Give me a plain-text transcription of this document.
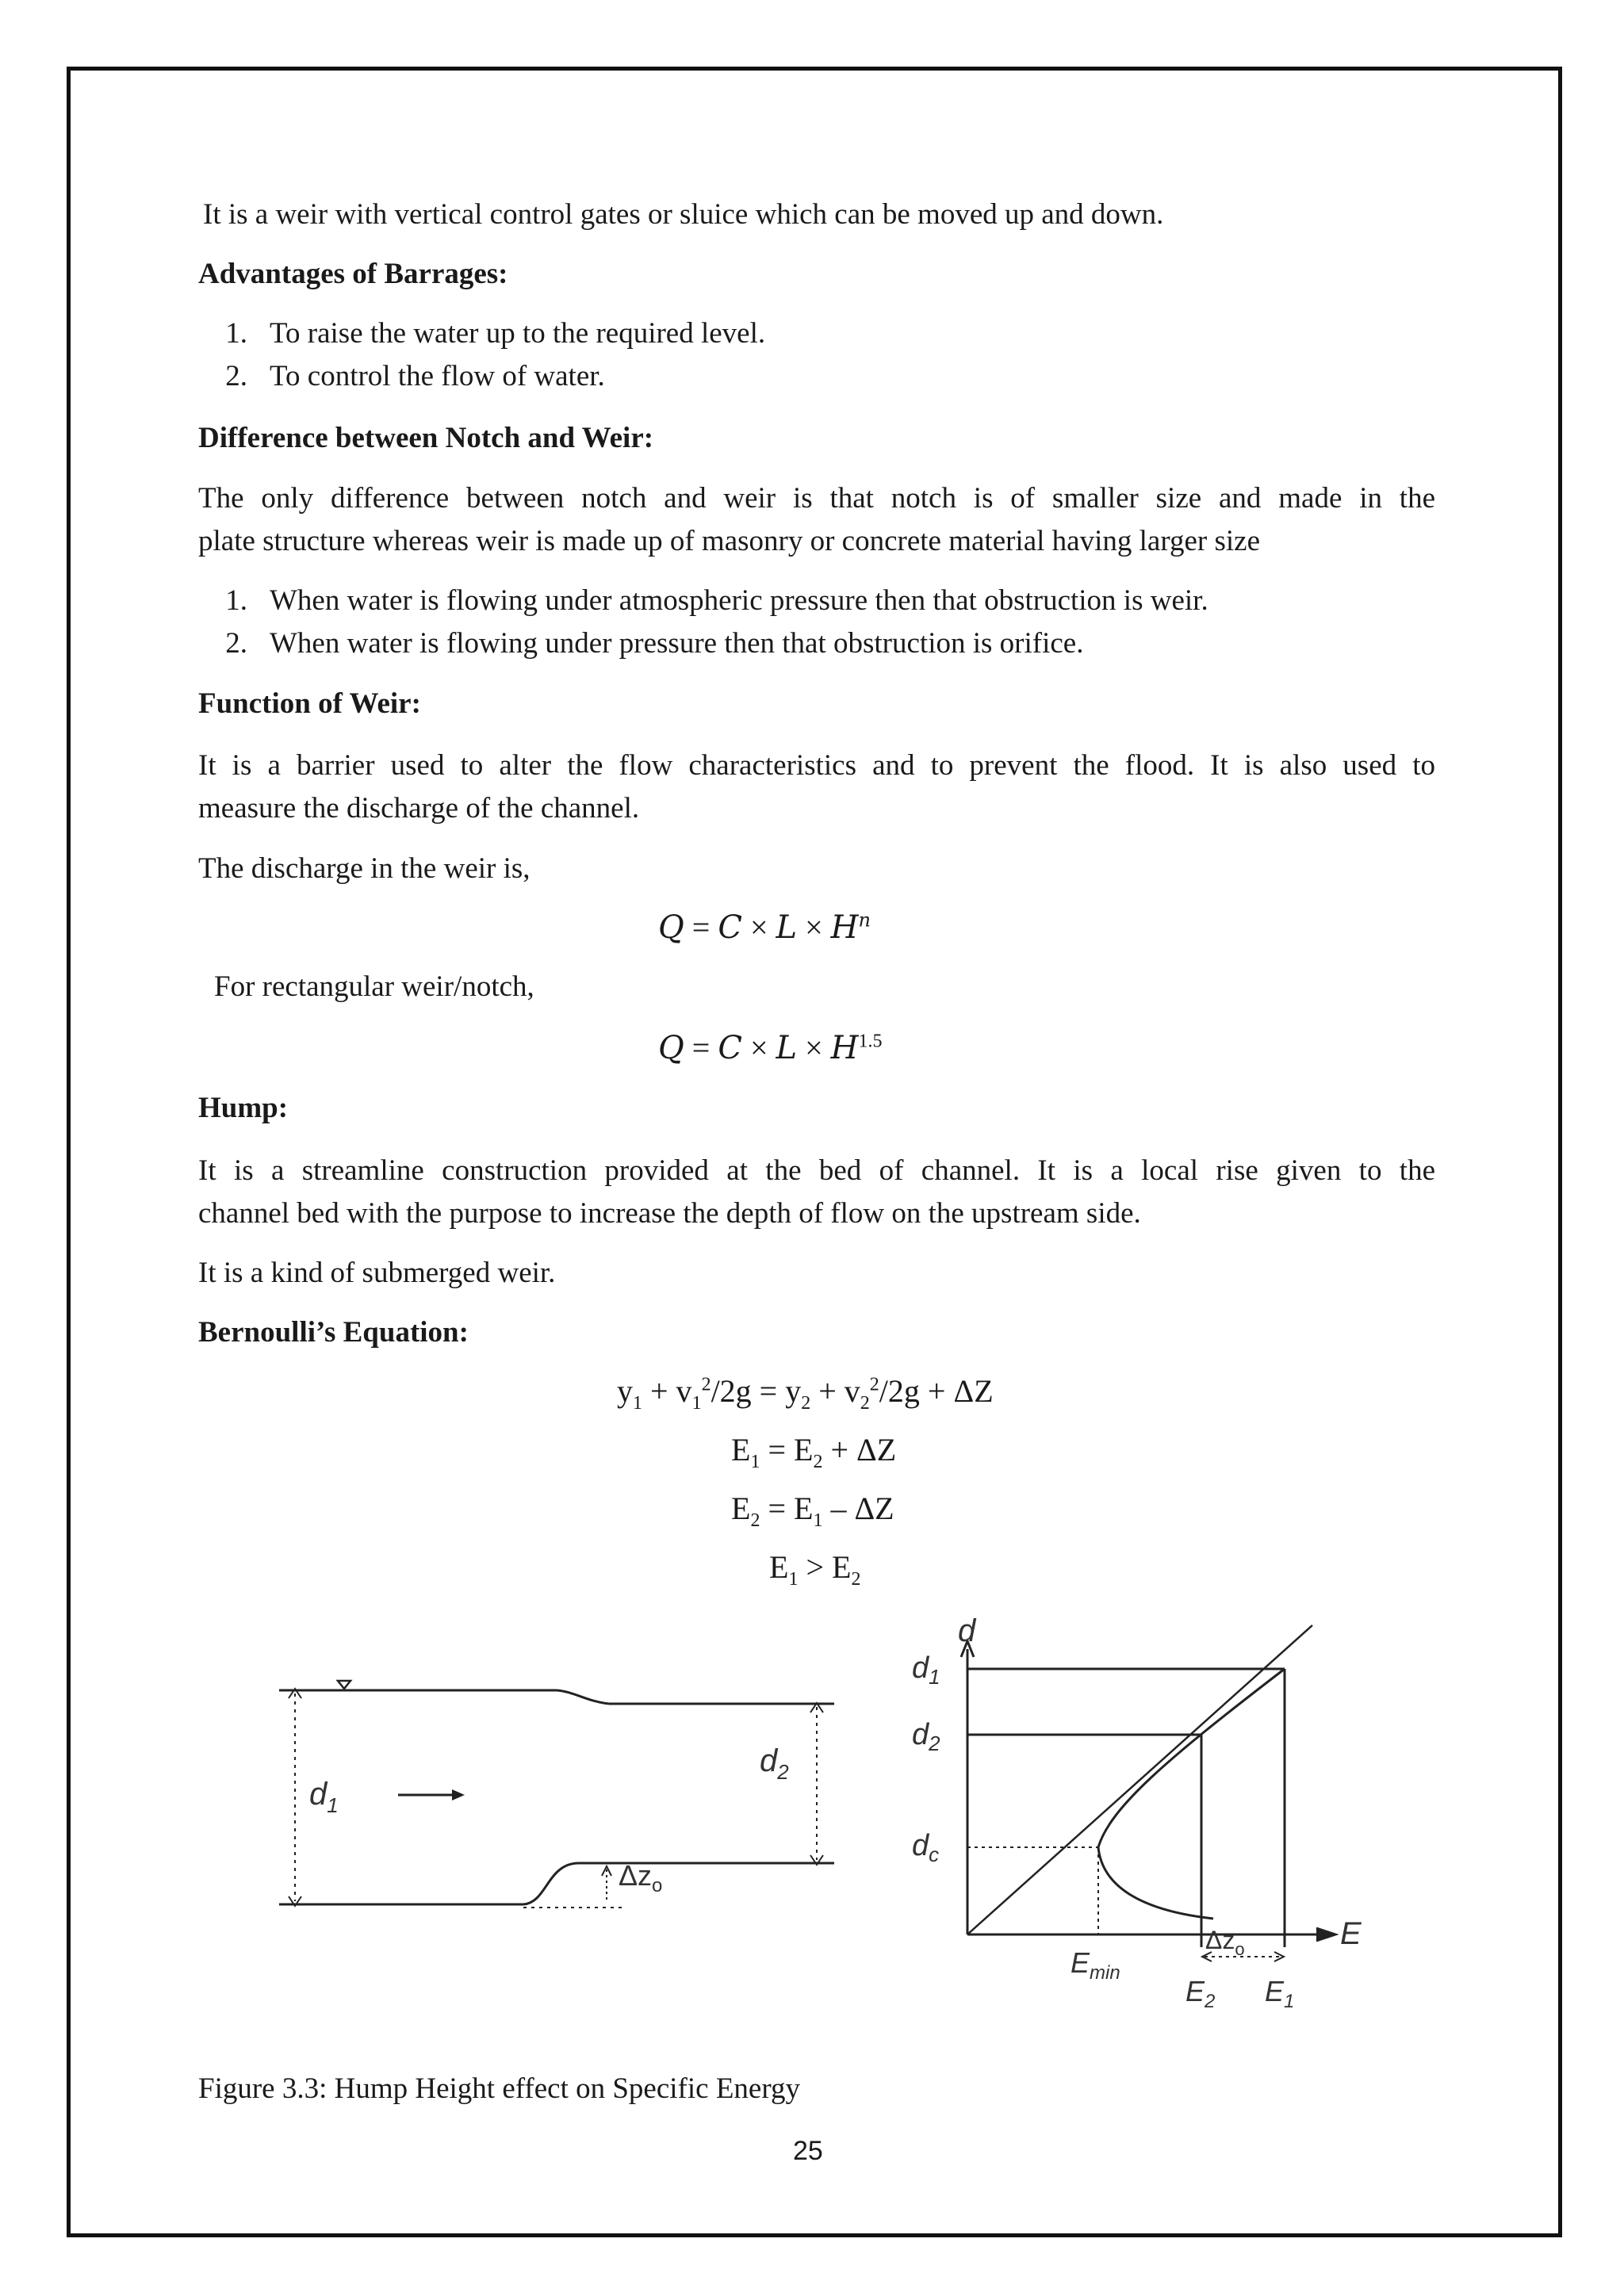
It is a weir with vertical control gates or sluice which can be moved up and down.
Advantages of Barrages:
1. To raise the water up to the required level.
2. To control the flow of water.
Difference between Notch and Weir:
The only difference between notch and weir is that notch is of smaller size and made in the
plate structure whereas weir is made up of masonry or concrete material having larger size
1. When water is flowing under atmospheric pressure then that obstruction is weir.
2. When water is flowing under pressure then that obstruction is orifice.
Function of Weir:
It is a barrier used to alter the flow characteristics and to prevent the flood. It is also used to
measure the discharge of the channel.
The discharge in the weir is,
$Q = C \times L \times H^n$
For rectangular weir/notch,
$Q = C \times L \times H^{1.5}$
Hump:
It is a streamline construction provided at the bed of channel. It is a local rise given to the
channel bed with the purpose to increase the depth of flow on the upstream side.
It is a kind of submerged weir.
Bernoulli’s Equation:
$y_1 + v_1^2/2g = y_2 + v_2^2/2g + \Delta Z$
$E_1 = E_2 + \Delta Z$
$E_2 = E_1 - \Delta Z$
$E_1 > E_2$
$d_1$
$d_2$
$\Delta z_o$
d
E
$d_1$
$d_2$
$d_c$
$E_{min}$
$\Delta z_o$
$E_2$ $E_1$
Figure 3.3: Hump Height effect on Specific Energy
25
